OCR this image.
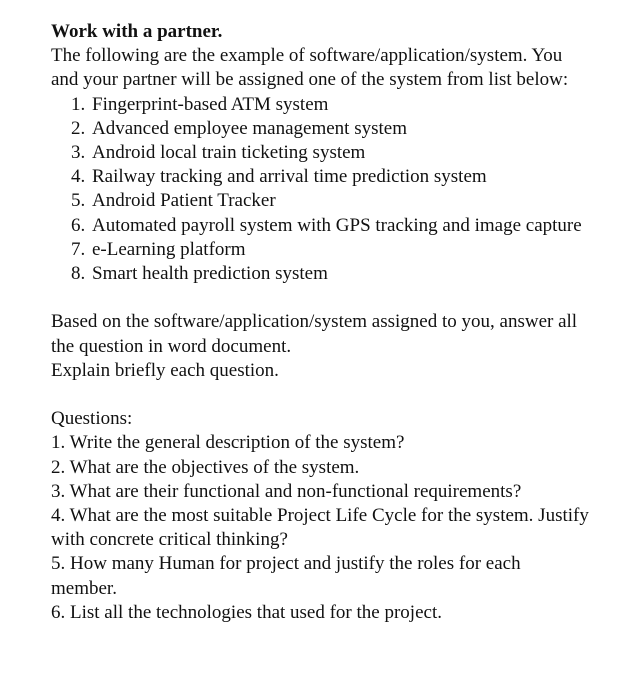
Work with a partner.

The following are the example of software/application/system. You and your partner will be assigned one of the system from list below:

1. Fingerprint-based ATM system
2. Advanced employee management system
3. Android local train ticketing system
4. Railway tracking and arrival time prediction system
5. Android Patient Tracker
6. Automated payroll system with GPS tracking and image capture
7. e-Learning platform
8. Smart health prediction system

Based on the software/application/system assigned to you, answer all the question in word document.

Explain briefly each question.

Questions:

1. Write the general description of the system?
2. What are the objectives of the system.
3. What are their functional and non-functional requirements?
4. What are the most suitable Project Life Cycle for the system. Justify with concrete critical thinking?
5. How many Human for project and justify the roles for each member.
6. List all the technologies that used for the project.
